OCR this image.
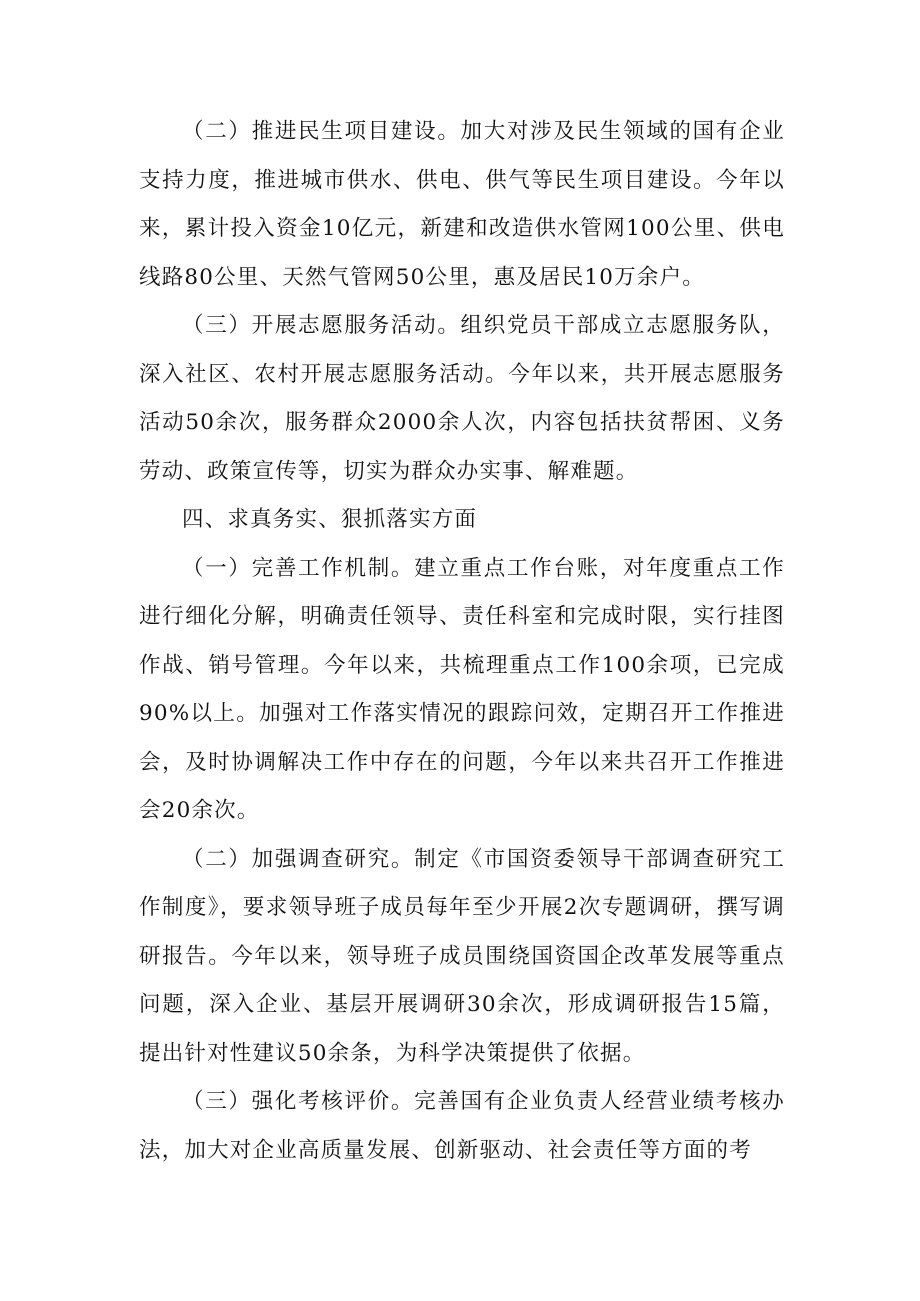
（二）推进民生项目建设。加大对涉及民生领域的国有企业支持力度，推进城市供水、供电、供气等民生项目建设。今年以来，累计投入资金10亿元，新建和改造供水管网100公里、供电线路80公里、天然气管网50公里，惠及居民10万余户。

（三）开展志愿服务活动。组织党员干部成立志愿服务队，深入社区、农村开展志愿服务活动。今年以来，共开展志愿服务活动50余次，服务群众2000余人次，内容包括扶贫帮困、义务劳动、政策宣传等，切实为群众办实事、解难题。

四、求真务实、狠抓落实方面

（一）完善工作机制。建立重点工作台账，对年度重点工作进行细化分解，明确责任领导、责任科室和完成时限，实行挂图作战、销号管理。今年以来，共梳理重点工作100余项，已完成90%以上。加强对工作落实情况的跟踪问效，定期召开工作推进会，及时协调解决工作中存在的问题，今年以来共召开工作推进会20余次。

（二）加强调查研究。制定《市国资委领导干部调查研究工作制度》，要求领导班子成员每年至少开展2次专题调研，撰写调研报告。今年以来，领导班子成员围绕国资国企改革发展等重点问题，深入企业、基层开展调研30余次，形成调研报告15篇，提出针对性建议50余条，为科学决策提供了依据。

（三）强化考核评价。完善国有企业负责人经营业绩考核办法，加大对企业高质量发展、创新驱动、社会责任等方面的考
